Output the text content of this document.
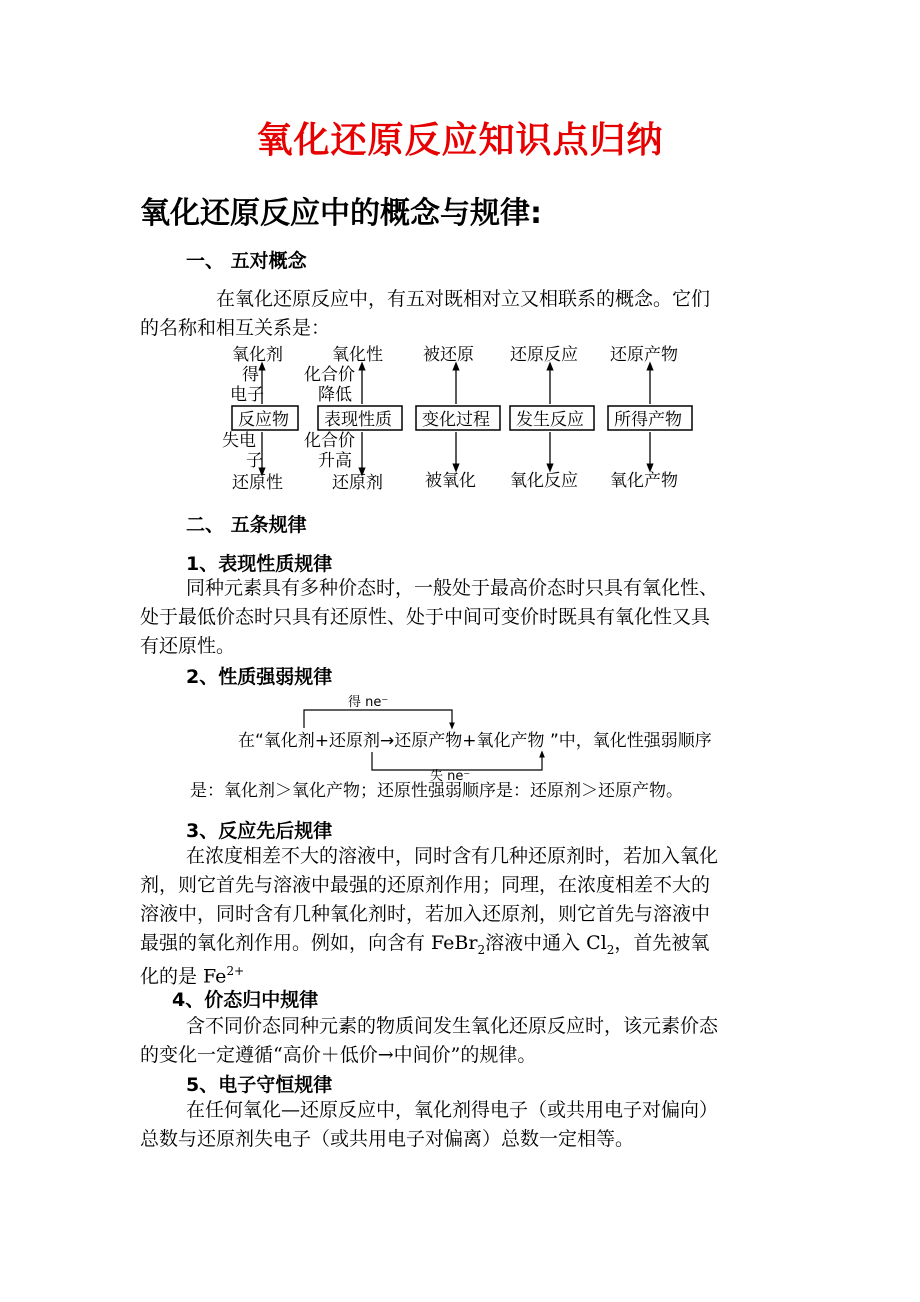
氧化还原反应知识点归纳
氧化还原反应中的概念与规律:
一、 五对概念
在氧化还原反应中，有五对既相对立又相联系的概念。它们
的名称和相互关系是：
氧化剂	氧化性 被还原 还原反应 还原产物
得
电子
化合价
降低
反应物 表现性质 变化过程 发生反应 所得产物
失电
子
化合价
升高
还原性	还原剂 被氧化 氧化反应 氧化产物
二、 五条规律
1、表现性质规律
同种元素具有多种价态时，一般处于最高价态时只具有氧化性、
处于最低价态时只具有还原性、处于中间可变价时既具有氧化性又具
有还原性。
2、性质强弱规律
得 ne⁻
失 ne⁻
在“氧化剂+还原剂→还原产物+氧化产物 ”中，氧化性强弱顺序
是：氧化剂＞氧化产物；还原性强弱顺序是：还原剂＞还原产物。
3、反应先后规律
在浓度相差不大的溶液中，同时含有几种还原剂时，若加入氧化
剂，则它首先与溶液中最强的还原剂作用；同理，在浓度相差不大的
溶液中，同时含有几种氧化剂时，若加入还原剂，则它首先与溶液中
最强的氧化剂作用。例如，向含有 FeBr$_2$溶液中通入 $Cl_2$，首先被氧
化的是 $Fe^{2+}$
4、价态归中规律
含不同价态同种元素的物质间发生氧化还原反应时，该元素价态
的变化一定遵循“高价＋低价→中间价”的规律。
5、电子守恒规律
在任何氧化—还原反应中，氧化剂得电子（或共用电子对偏向）
总数与还原剂失电子（或共用电子对偏离）总数一定相等。
